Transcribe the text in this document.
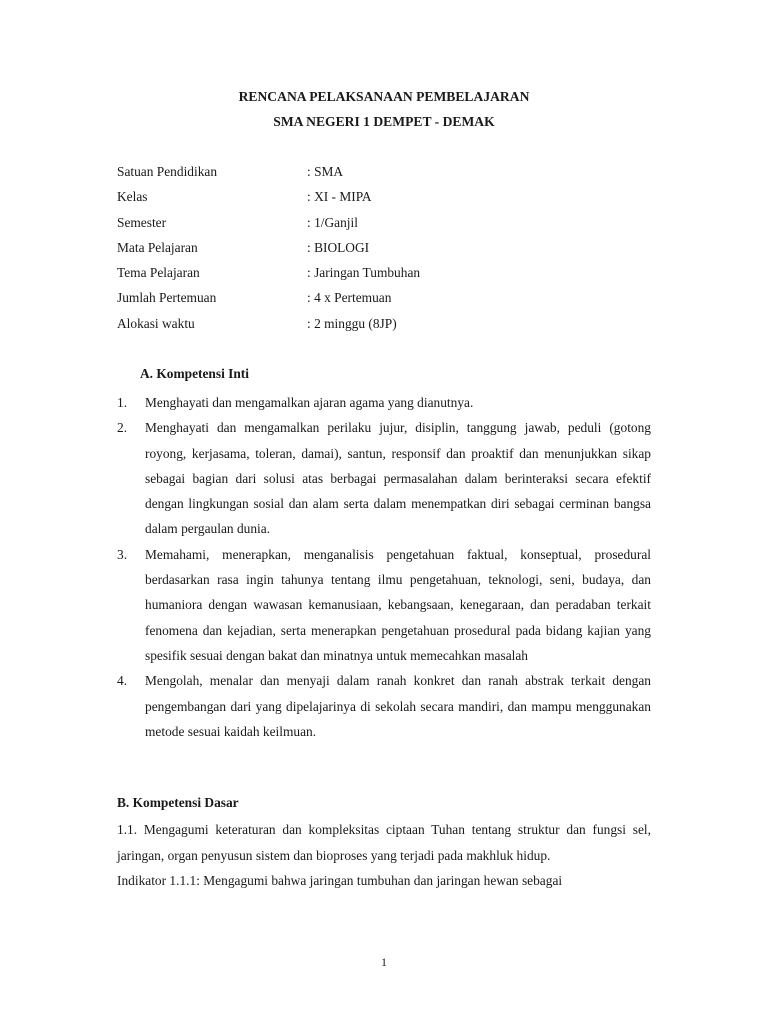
RENCANA PELAKSANAAN PEMBELAJARAN
SMA NEGERI 1 DEMPET - DEMAK
Satuan Pendidikan	: SMA
Kelas	: XI - MIPA
Semester	: 1/Ganjil
Mata Pelajaran	: BIOLOGI
Tema Pelajaran	: Jaringan Tumbuhan
Jumlah Pertemuan	: 4 x Pertemuan
Alokasi waktu	: 2 minggu (8JP)
A. Kompetensi Inti
1. Menghayati dan mengamalkan ajaran agama yang dianutnya.
2. Menghayati dan mengamalkan perilaku jujur, disiplin, tanggung jawab, peduli (gotong royong, kerjasama, toleran, damai), santun, responsif dan proaktif dan menunjukkan sikap sebagai bagian dari solusi atas berbagai permasalahan dalam berinteraksi secara efektif dengan lingkungan sosial dan alam serta dalam menempatkan diri sebagai cerminan bangsa dalam pergaulan dunia.
3. Memahami, menerapkan, menganalisis pengetahuan faktual, konseptual, prosedural berdasarkan rasa ingin tahunya tentang ilmu pengetahuan, teknologi, seni, budaya, dan humaniora dengan wawasan kemanusiaan, kebangsaan, kenegaraan, dan peradaban terkait fenomena dan kejadian, serta menerapkan pengetahuan prosedural pada bidang kajian yang spesifik sesuai dengan bakat dan minatnya untuk memecahkan masalah
4. Mengolah, menalar dan menyaji dalam ranah konkret dan ranah abstrak terkait dengan pengembangan dari yang dipelajarinya di sekolah secara mandiri, dan mampu menggunakan metode sesuai kaidah keilmuan.
B. Kompetensi Dasar

1.1. Mengagumi keteraturan dan kompleksitas ciptaan Tuhan tentang struktur dan fungsi sel, jaringan, organ penyusun sistem dan bioproses yang terjadi pada makhluk hidup.

Indikator 1.1.1: Mengagumi bahwa jaringan tumbuhan dan jaringan hewan sebagai

1
